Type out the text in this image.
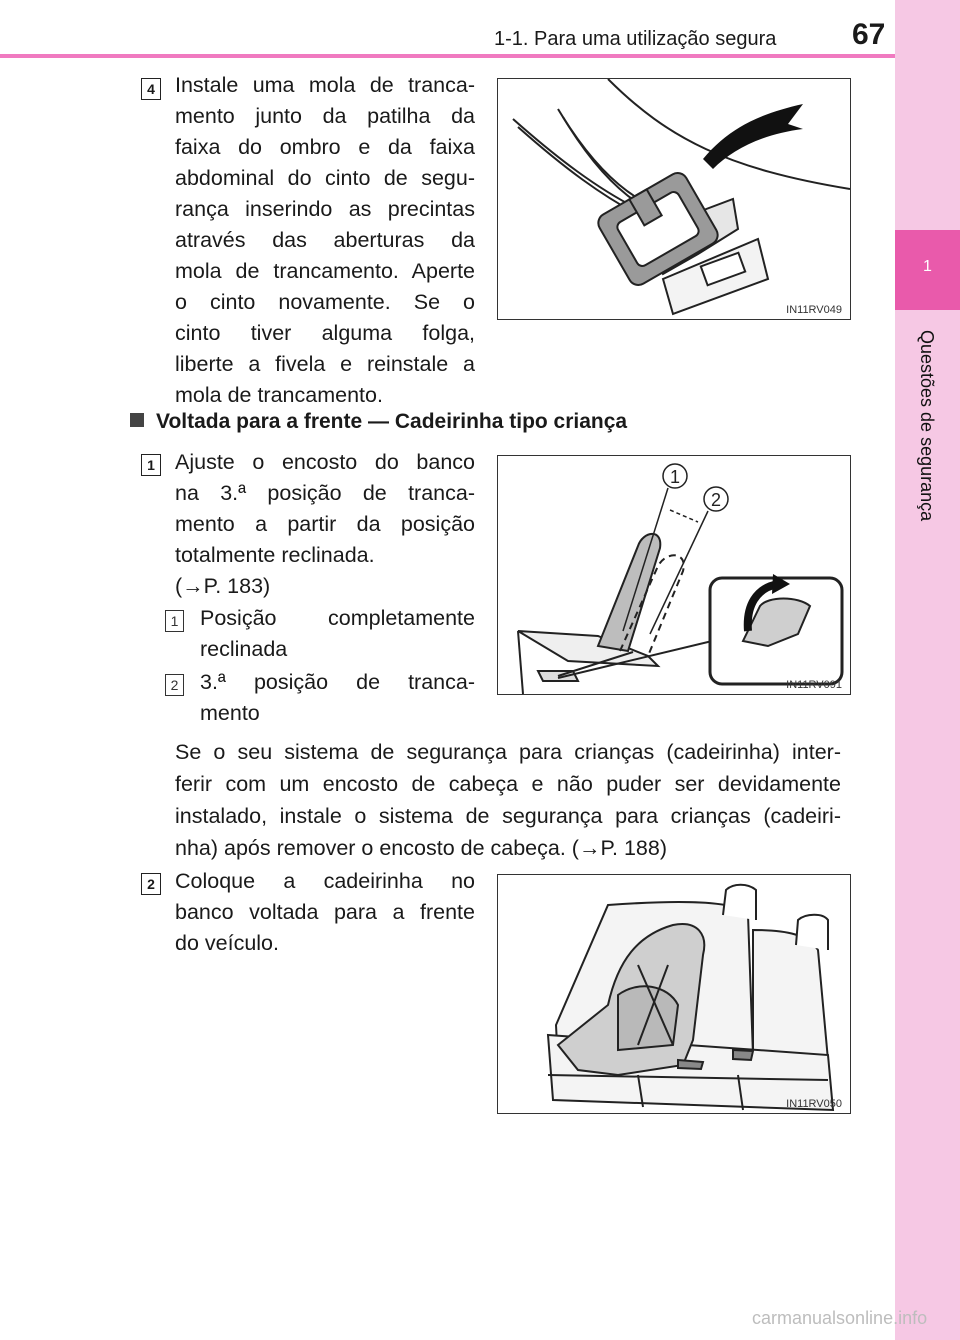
1-1. Para uma utilização segura	67
1
Questões de segurança
4 Instale uma mola de tranca-
mento junto da patilha da
faixa do ombro e da faixa
abdominal do cinto de segu-
rança inserindo as precintas
através das aberturas da
mola de trancamento. Aperte
o cinto novamente. Se o
cinto tiver alguma folga,
liberte a fivela e reinstale a
mola de trancamento.
IN11RV049
Voltada para a frente — Cadeirinha tipo criança
1 Ajuste o encosto do banco
na 3.ª posição de tranca-
mento a partir da posição
totalmente reclinada.
(→P. 183)
1 Posição completamente
reclinada
2 3.ª posição de tranca-
mento
1
2
IN11RV091
Se o seu sistema de segurança para crianças (cadeirinha) inter-
ferir com um encosto de cabeça e não puder ser devidamente
instalado, instale o sistema de segurança para crianças (cadeiri-
nha) após remover o encosto de cabeça. (→P. 188)
2 Coloque a cadeirinha no
banco voltada para a frente
do veículo.
IN11RV050
carmanualsonline.info
